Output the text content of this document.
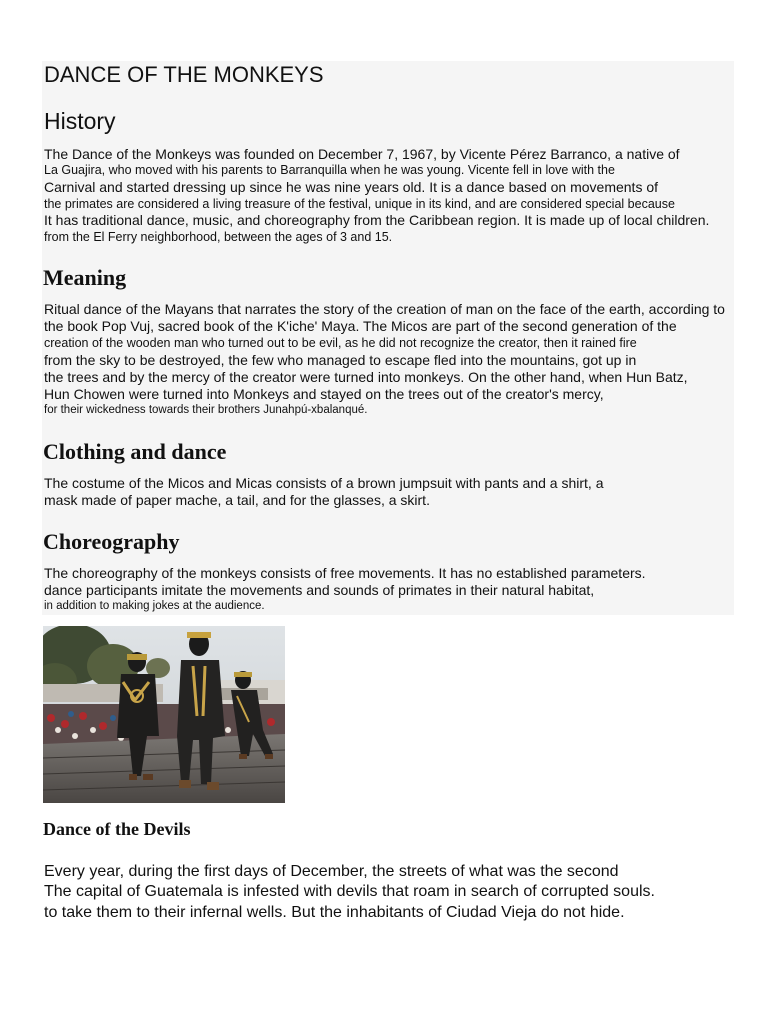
DANCE OF THE MONKEYS
History
The Dance of the Monkeys was founded on December 7, 1967, by Vicente Pérez Barranco, a native of
La Guajira, who moved with his parents to Barranquilla when he was young. Vicente fell in love with the
Carnival and started dressing up since he was nine years old. It is a dance based on movements of
the primates are considered a living treasure of the festival, unique in its kind, and are considered special because
It has traditional dance, music, and choreography from the Caribbean region. It is made up of local children.
from the El Ferry neighborhood, between the ages of 3 and 15.
Meaning
Ritual dance of the Mayans that narrates the story of the creation of man on the face of the earth, according to
the book Pop Vuj, sacred book of the K'iche' Maya. The Micos are part of the second generation of the
creation of the wooden man who turned out to be evil, as he did not recognize the creator, then it rained fire
from the sky to be destroyed, the few who managed to escape fled into the mountains, got up in
the trees and by the mercy of the creator were turned into monkeys. On the other hand, when Hun Batz,
Hun Chowen were turned into Monkeys and stayed on the trees out of the creator's mercy,
for their wickedness towards their brothers Junahpú-xbalanqué.
Clothing and dance
The costume of the Micos and Micas consists of a brown jumpsuit with pants and a shirt, a
mask made of paper mache, a tail, and for the glasses, a skirt.
Choreography
The choreography of the monkeys consists of free movements. It has no established parameters.
dance participants imitate the movements and sounds of primates in their natural habitat,
in addition to making jokes at the audience.
Dance of the Devils
Every year, during the first days of December, the streets of what was the second
The capital of Guatemala is infested with devils that roam in search of corrupted souls.
to take them to their infernal wells. But the inhabitants of Ciudad Vieja do not hide.
